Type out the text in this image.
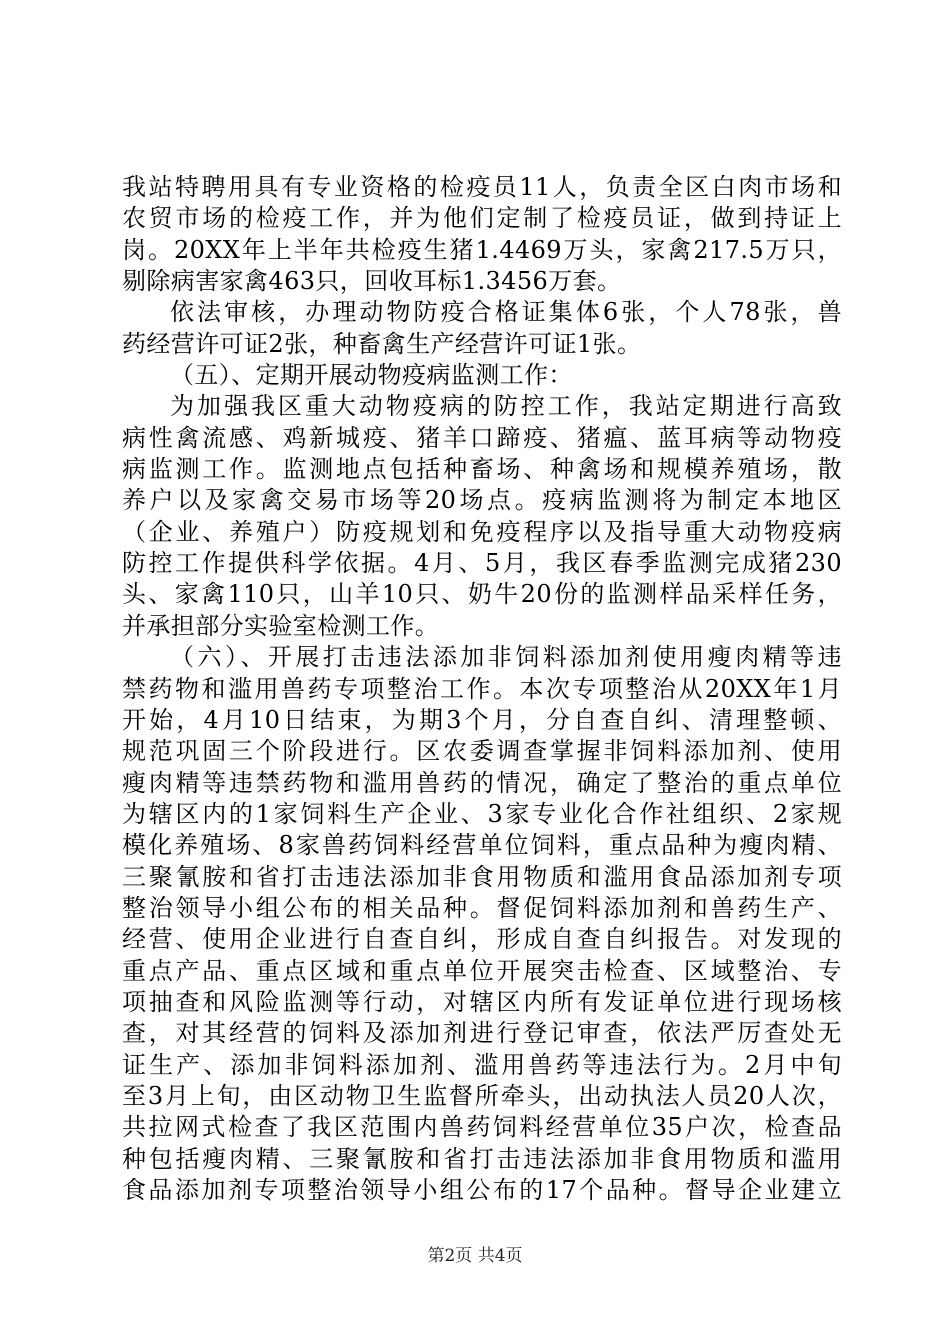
我站特聘用具有专业资格的检疫员11人，负责全区白肉市场和
农贸市场的检疫工作，并为他们定制了检疫员证，做到持证上
岗。20XX年上半年共检疫生猪1.4469万头，家禽217.5万只，
剔除病害家禽463只，回收耳标1.3456万套。
依法审核，办理动物防疫合格证集体6张，个人78张，兽
药经营许可证2张，种畜禽生产经营许可证1张。
（五）、定期开展动物疫病监测工作：
为加强我区重大动物疫病的防控工作，我站定期进行高致
病性禽流感、鸡新城疫、猪羊口蹄疫、猪瘟、蓝耳病等动物疫
病监测工作。监测地点包括种畜场、种禽场和规模养殖场，散
养户以及家禽交易市场等20场点。疫病监测将为制定本地区
（企业、养殖户）防疫规划和免疫程序以及指导重大动物疫病
防控工作提供科学依据。4月、5月，我区春季监测完成猪230
头、家禽110只，山羊10只、奶牛20份的监测样品采样任务，
并承担部分实验室检测工作。
（六）、开展打击违法添加非饲料添加剂使用瘦肉精等违
禁药物和滥用兽药专项整治工作。本次专项整治从20XX年1月
开始，4月10日结束，为期3个月，分自查自纠、清理整顿、
规范巩固三个阶段进行。区农委调查掌握非饲料添加剂、使用
瘦肉精等违禁药物和滥用兽药的情况，确定了整治的重点单位
为辖区内的1家饲料生产企业、3家专业化合作社组织、2家规
模化养殖场、8家兽药饲料经营单位饲料，重点品种为瘦肉精、
三聚氰胺和省打击违法添加非食用物质和滥用食品添加剂专项
整治领导小组公布的相关品种。督促饲料添加剂和兽药生产、
经营、使用企业进行自查自纠，形成自查自纠报告。对发现的
重点产品、重点区域和重点单位开展突击检查、区域整治、专
项抽查和风险监测等行动，对辖区内所有发证单位进行现场核
查，对其经营的饲料及添加剂进行登记审查，依法严厉查处无
证生产、添加非饲料添加剂、滥用兽药等违法行为。2月中旬
至3月上旬，由区动物卫生监督所牵头，出动执法人员20人次，
共拉网式检查了我区范围内兽药饲料经营单位35户次，检查品
种包括瘦肉精、三聚氰胺和省打击违法添加非食用物质和滥用
食品添加剂专项整治领导小组公布的17个品种。督导企业建立
第2页 共4页
